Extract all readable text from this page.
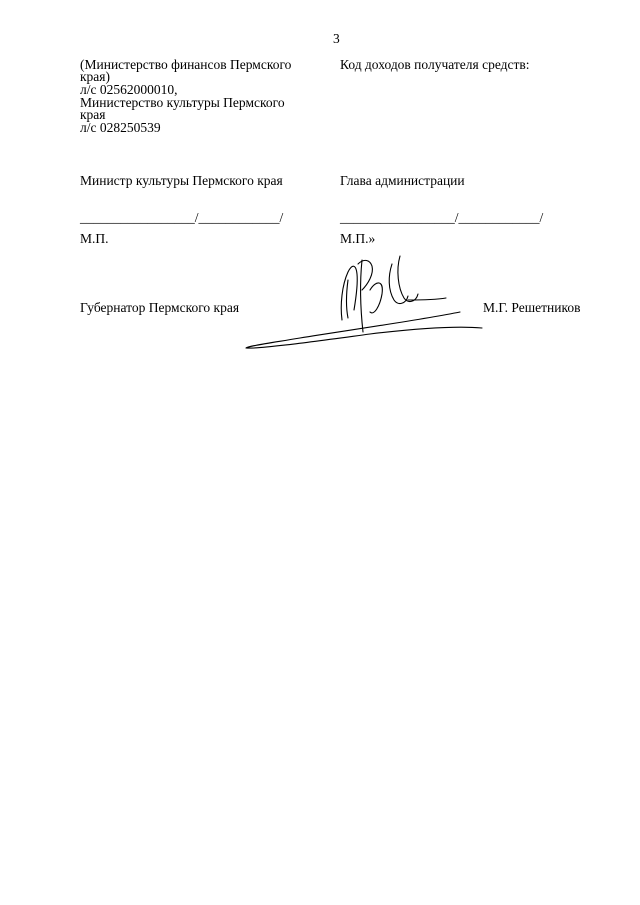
3
(Министерство финансов Пермского
края)
л/с 02562000010,
Министерство культуры Пермского
края
л/с 028250539
Код доходов получателя средств:
Министр культуры Пермского края	Глава администрации
_________________/____________/	_________________/____________/
М.П.	М.П.»
Губернатор Пермского края	М.Г. Решетников
